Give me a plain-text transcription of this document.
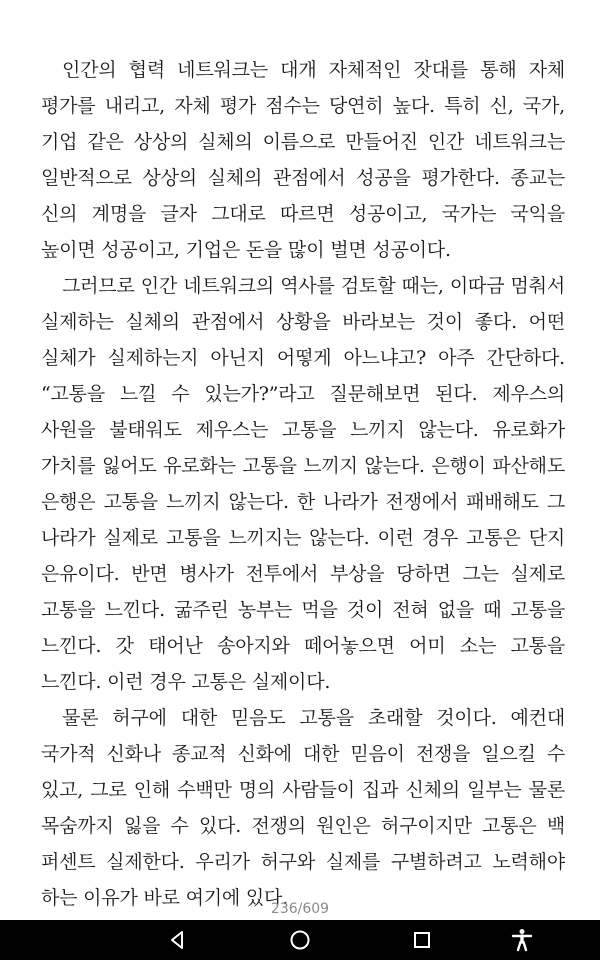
인간의 협력 네트워크는 대개 자체적인 잣대를 통해 자체 평가를 내리고, 자체 평가 점수는 당연히 높다. 특히 신, 국가, 기업 같은 상상의 실체의 이름으로 만들어진 인간 네트워크는 일반적으로 상상의 실체의 관점에서 성공을 평가한다. 종교는 신의 계명을 글자 그대로 따르면 성공이고, 국가는 국익을 높이면 성공이고, 기업은 돈을 많이 벌면 성공이다.

그러므로 인간 네트워크의 역사를 검토할 때는, 이따금 멈춰서 실제하는 실체의 관점에서 상황을 바라보는 것이 좋다. 어떤 실체가 실제하는지 아닌지 어떻게 아느냐고? 아주 간단하다. “고통을 느낄 수 있는가?”라고 질문해보면 된다. 제우스의 사원을 불태워도 제우스는 고통을 느끼지 않는다. 유로화가 가치를 잃어도 유로화는 고통을 느끼지 않는다. 은행이 파산해도 은행은 고통을 느끼지 않는다. 한 나라가 전쟁에서 패배해도 그 나라가 실제로 고통을 느끼지는 않는다. 이런 경우 고통은 단지 은유이다. 반면 병사가 전투에서 부상을 당하면 그는 실제로 고통을 느낀다. 굶주린 농부는 먹을 것이 전혀 없을 때 고통을 느낀다. 갓 태어난 송아지와 떼어놓으면 어미 소는 고통을 느낀다. 이런 경우 고통은 실제이다.

물론 허구에 대한 믿음도 고통을 초래할 것이다. 예컨대 국가적 신화나 종교적 신화에 대한 믿음이 전쟁을 일으킬 수 있고, 그로 인해 수백만 명의 사람들이 집과 신체의 일부는 물론 목숨까지 잃을 수 있다. 전쟁의 원인은 허구이지만 고통은 백 퍼센트 실제한다. 우리가 허구와 실제를 구별하려고 노력해야 하는 이유가 바로 여기에 있다.

236/609
